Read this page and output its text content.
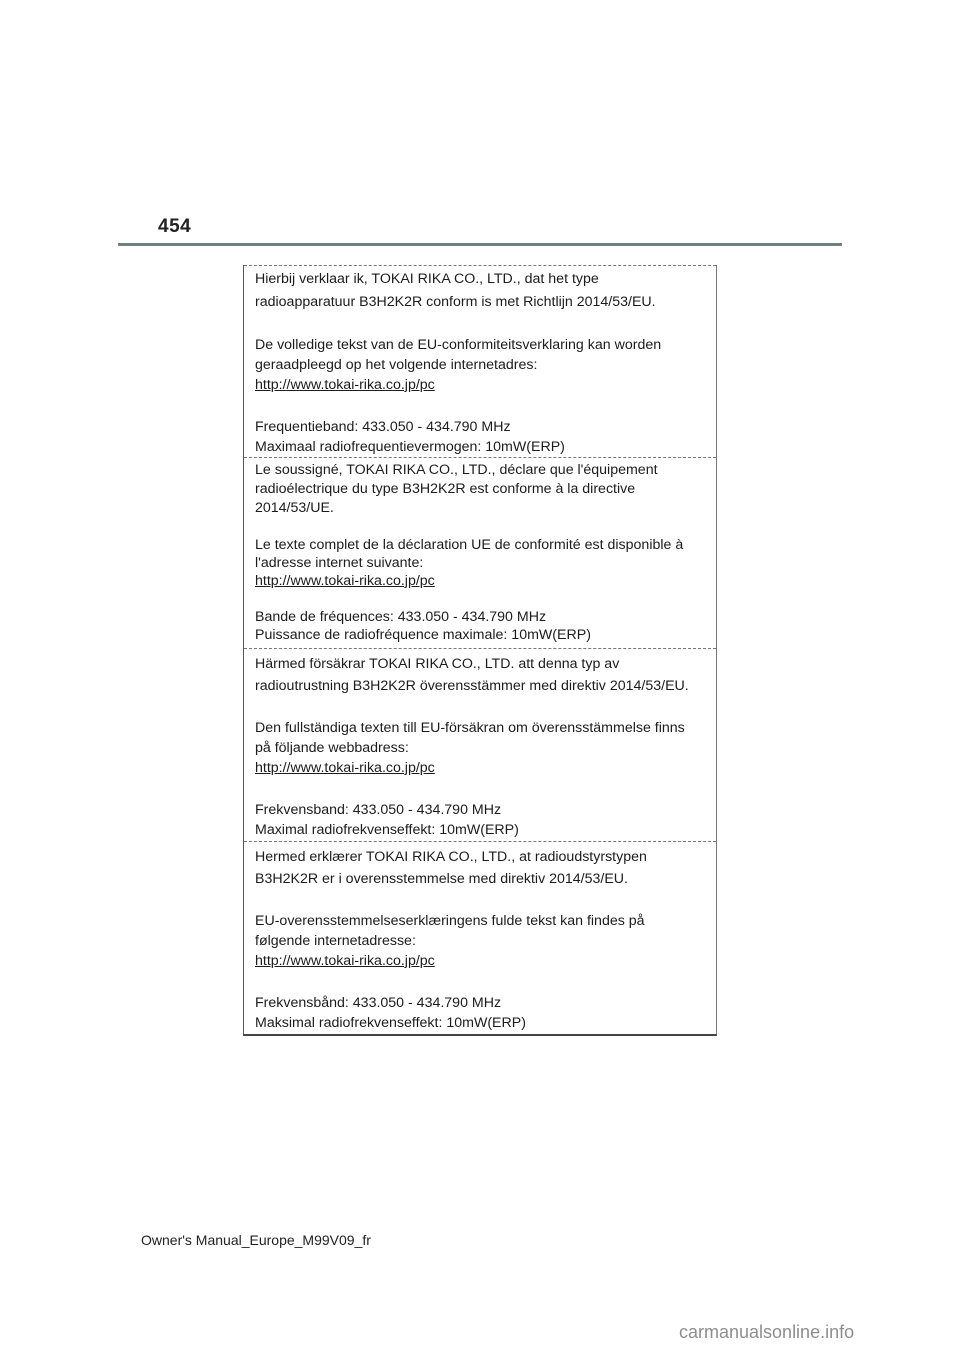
454

Hierbij verklaar ik, TOKAI RIKA CO., LTD., dat het type

radioapparatuur B3H2K2R conform is met Richtlijn 2014/53/EU.

De volledige tekst van de EU-conformiteitsverklaring kan worden

geraadpleegd op het volgende internetadres:

http://www.tokai-rika.co.jp/pc

Frequentieband: 433.050 - 434.790 MHz

Maximaal radiofrequentievermogen: 10mW(ERP)

Le soussigné, TOKAI RIKA CO., LTD., déclare que l'équipement

radioélectrique du type B3H2K2R est conforme à la directive

2014/53/UE.

Le texte complet de la déclaration UE de conformité est disponible à

l'adresse internet suivante:

http://www.tokai-rika.co.jp/pc

Bande de fréquences: 433.050 - 434.790 MHz

Puissance de radiofréquence maximale: 10mW(ERP)

Härmed försäkrar TOKAI RIKA CO., LTD. att denna typ av

radioutrustning B3H2K2R överensstämmer med direktiv 2014/53/EU.

Den fullständiga texten till EU-försäkran om överensstämmelse finns

på följande webbadress:

http://www.tokai-rika.co.jp/pc

Frekvensband: 433.050 - 434.790 MHz

Maximal radiofrekvenseffekt: 10mW(ERP)

Hermed erklærer TOKAI RIKA CO., LTD., at radioudstyrstypen

B3H2K2R er i overensstemmelse med direktiv 2014/53/EU.

EU-overensstemmelseserklæringens fulde tekst kan findes på

følgende internetadresse:

http://www.tokai-rika.co.jp/pc

Frekvensbånd: 433.050 - 434.790 MHz

Maksimal radiofrekvenseffekt: 10mW(ERP)

Owner's Manual_Europe_M99V09_fr
carmanualsonline.info
